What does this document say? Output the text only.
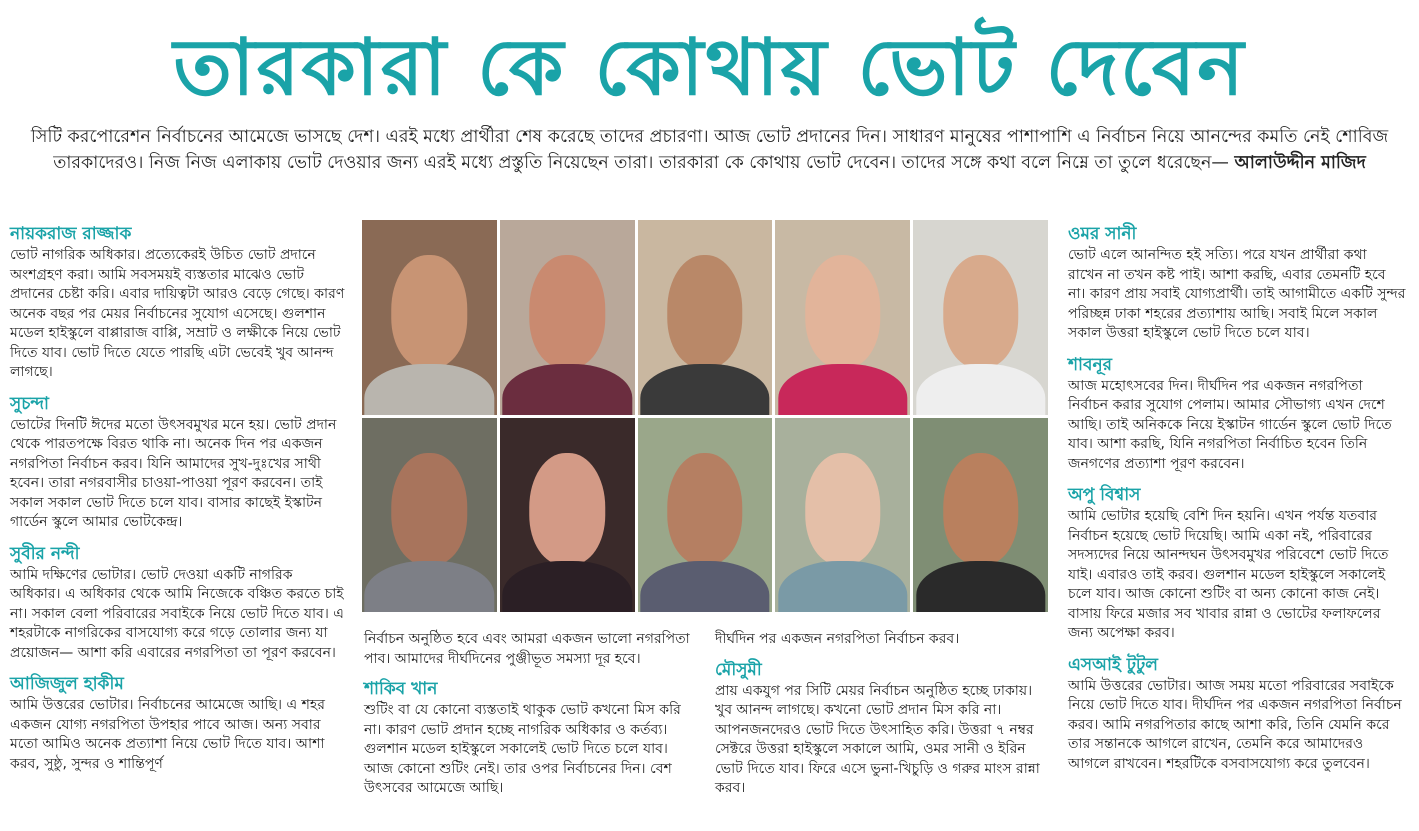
তারকারা কে কোথায় ভোট দেবেন
সিটি করপোরেশন নির্বাচনের আমেজে ভাসছে দেশ। এরই মধ্যে প্রার্থীরা শেষ করেছে তাদের প্রচারণা। আজ ভোট প্রদানের দিন। সাধারণ মানুষের পাশাপাশি এ নির্বাচন নিয়ে আনন্দের কমতি নেই শোবিজ তারকাদেরও। নিজ নিজ এলাকায় ভোট দেওয়ার জন্য এরই মধ্যে প্রস্তুতি নিয়েছেন তারা। তারকারা কে কোথায় ভোট দেবেন। তাদের সঙ্গে কথা বলে নিম্নে তা তুলে ধরেছেন— আলাউদ্দীন মাজিদ
নায়করাজ রাজ্জাক
ভোট নাগরিক অধিকার। প্রত্যেকেরই উচিত ভোট প্রদানে অংশগ্রহণ করা। আমি সবসময়ই ব্যস্ততার মাঝেও ভোট প্রদানের চেষ্টা করি। এবার দায়িত্বটা আরও বেড়ে গেছে। কারণ অনেক বছর পর মেয়র নির্বাচনের সুযোগ এসেছে। গুলশান মডেল হাইস্কুলে বাপ্পারাজ বাপ্পি, সম্রাট ও লক্ষীকে নিয়ে ভোট দিতে যাব। ভোট দিতে যেতে পারছি এটা ভেবেই খুব আনন্দ লাগছে।
সুচন্দা
ভোটের দিনটি ঈদের মতো উৎসবমুখর মনে হয়। ভোট প্রদান থেকে পারতপক্ষে বিরত থাকি না। অনেক দিন পর একজন নগরপিতা নির্বাচন করব। যিনি আমাদের সুখ-দুঃখের সাথী হবেন। তারা নগরবাসীর চাওয়া-পাওয়া পূরণ করবেন। তাই সকাল সকাল ভোট দিতে চলে যাব। বাসার কাছেই ইস্কাটন গার্ডেন স্কুলে আমার ভোটকেন্দ্র।
সুবীর নন্দী
আমি দক্ষিণের ভোটার। ভোট দেওয়া একটি নাগরিক অধিকার। এ অধিকার থেকে আমি নিজেকে বঞ্চিত করতে চাই না। সকাল বেলা পরিবারের সবাইকে নিয়ে ভোট দিতে যাব। এ শহরটাকে নাগরিকের বাসযোগ্য করে গড়ে তোলার জন্য যা প্রয়োজন— আশা করি এবারের নগরপিতা তা পূরণ করবেন।
আজিজুল হাকীম
আমি উত্তরের ভোটার। নির্বাচনের আমেজে আছি। এ শহর একজন যোগ্য নগরপিতা উপহার পাবে আজ। অন্য সবার মতো আমিও অনেক প্রত্যাশা নিয়ে ভোট দিতে যাব। আশা করব, সুষ্ঠু, সুন্দর ও শান্তিপূর্ণ
নির্বাচন অনুষ্ঠিত হবে এবং আমরা একজন ভালো নগরপিতা পাব। আমাদের দীর্ঘদিনের পুঞ্জীভূত সমস্যা দূর হবে।
শাকিব খান
শুটিং বা যে কোনো ব্যস্ততাই থাকুক ভোট কখনো মিস করি না। কারণ ভোট প্রদান হচ্ছে নাগরিক অধিকার ও কর্তব্য। গুলশান মডেল হাইস্কুলে সকালেই ভোট দিতে চলে যাব। আজ কোনো শুটিং নেই। তার ওপর নির্বাচনের দিন। বেশ উৎসবের আমেজে আছি।
দীর্ঘদিন পর একজন নগরপিতা নির্বাচন করব।
মৌসুমী
প্রায় একযুগ পর সিটি মেয়র নির্বাচন অনুষ্ঠিত হচ্ছে ঢাকায়। খুব আনন্দ লাগছে। কখনো ভোট প্রদান মিস করি না।
আপনজনদেরও ভোট দিতে উৎসাহিত করি। উত্তরা ৭ নম্বর সেক্টরে উত্তরা হাইস্কুলে সকালে আমি, ওমর সানী ও ইরিন ভোট দিতে যাব। ফিরে এসে ভুনা-খিচুড়ি ও গরুর মাংস রান্না করব।
ওমর সানী
ভোট এলে আনন্দিত হই সত্যি। পরে যখন প্রার্থীরা কথা রাখেন না তখন কষ্ট পাই। আশা করছি, এবার তেমনটি হবে না। কারণ প্রায় সবাই যোগ্যপ্রার্থী। তাই আগামীতে একটি সুন্দর পরিচ্ছন্ন ঢাকা শহরের প্রত্যাশায় আছি। সবাই মিলে সকাল সকাল উত্তরা হাইস্কুলে ভোট দিতে চলে যাব।
শাবনূর
আজ মহোৎসবের দিন। দীর্ঘদিন পর একজন নগরপিতা নির্বাচন করার সুযোগ পেলাম। আমার সৌভাগ্য এখন দেশে আছি। তাই অনিককে নিয়ে ইস্কাটন গার্ডেন স্কুলে ভোট দিতে যাব। আশা করছি, যিনি নগরপিতা নির্বাচিত হবেন তিনি জনগণের প্রত্যাশা পূরণ করবেন।
অপু বিশ্বাস
আমি ভোটার হয়েছি বেশি দিন হয়নি। এখন পর্যন্ত যতবার নির্বাচন হয়েছে ভোট দিয়েছি। আমি একা নই, পরিবারের সদস্যদের নিয়ে আনন্দঘন উৎসবমুখর পরিবেশে ভোট দিতে যাই। এবারও তাই করব। গুলশান মডেল হাইস্কুলে সকালেই চলে যাব। আজ কোনো শুটিং বা অন্য কোনো কাজ নেই। বাসায় ফিরে মজার সব খাবার রান্না ও ভোটের ফলাফলের জন্য অপেক্ষা করব।
এসআই টুটুল
আমি উত্তরের ভোটার। আজ সময় মতো পরিবারের সবাইকে নিয়ে ভোট দিতে যাব। দীর্ঘদিন পর একজন নগরপিতা নির্বাচন করব। আমি নগরপিতার কাছে আশা করি, তিনি যেমনি করে তার সন্তানকে আগলে রাখেন, তেমনি করে আমাদেরও আগলে রাখবেন। শহরটিকে বসবাসযোগ্য করে তুলবেন।
